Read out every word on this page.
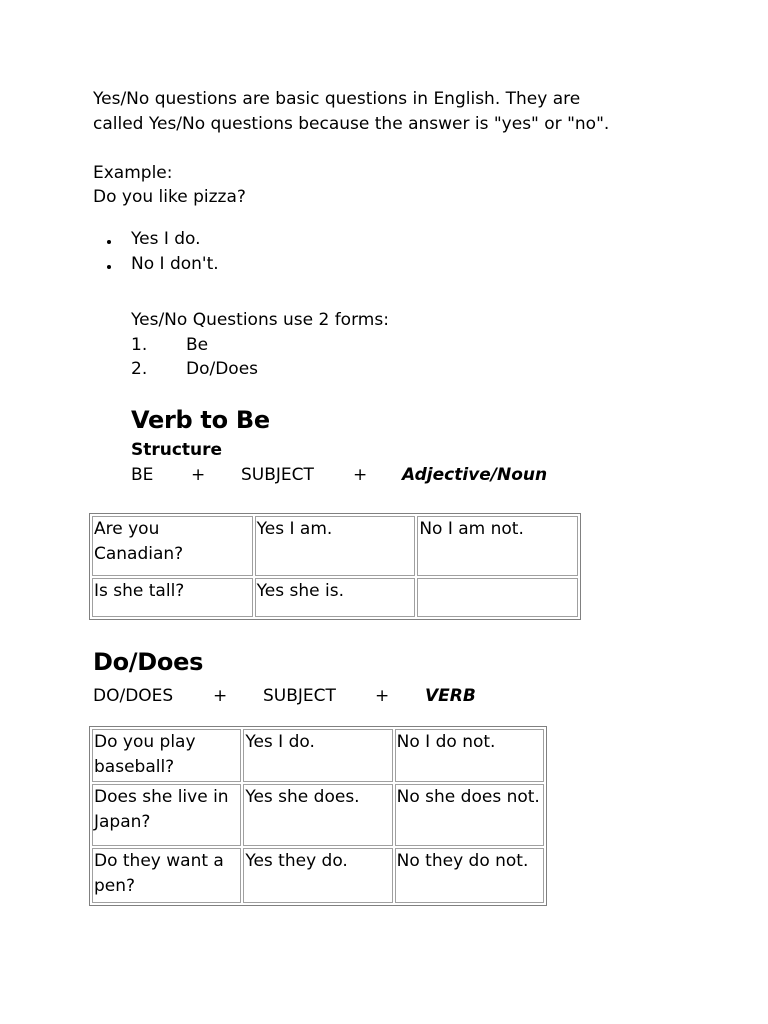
Yes/No questions are basic questions in English. They are
called Yes/No questions because the answer is "yes" or "no".
Example:
Do you like pizza?
Yes I do.
No I don't.
Yes/No Questions use 2 forms:
1. Be
2. Do/Does
Verb to Be
Structure
BE + SUBJECT + Adjective/Noun
Are you Canadian?	Yes I am.	No I am not.
Is she tall?	Yes she is.	
Do/Does
DO/DOES + SUBJECT + VERB
Do you play baseball?	Yes I do.	No I do not.
Does she live in Japan?	Yes she does.	No she does not.
Do they want a pen?	Yes they do.	No they do not.
